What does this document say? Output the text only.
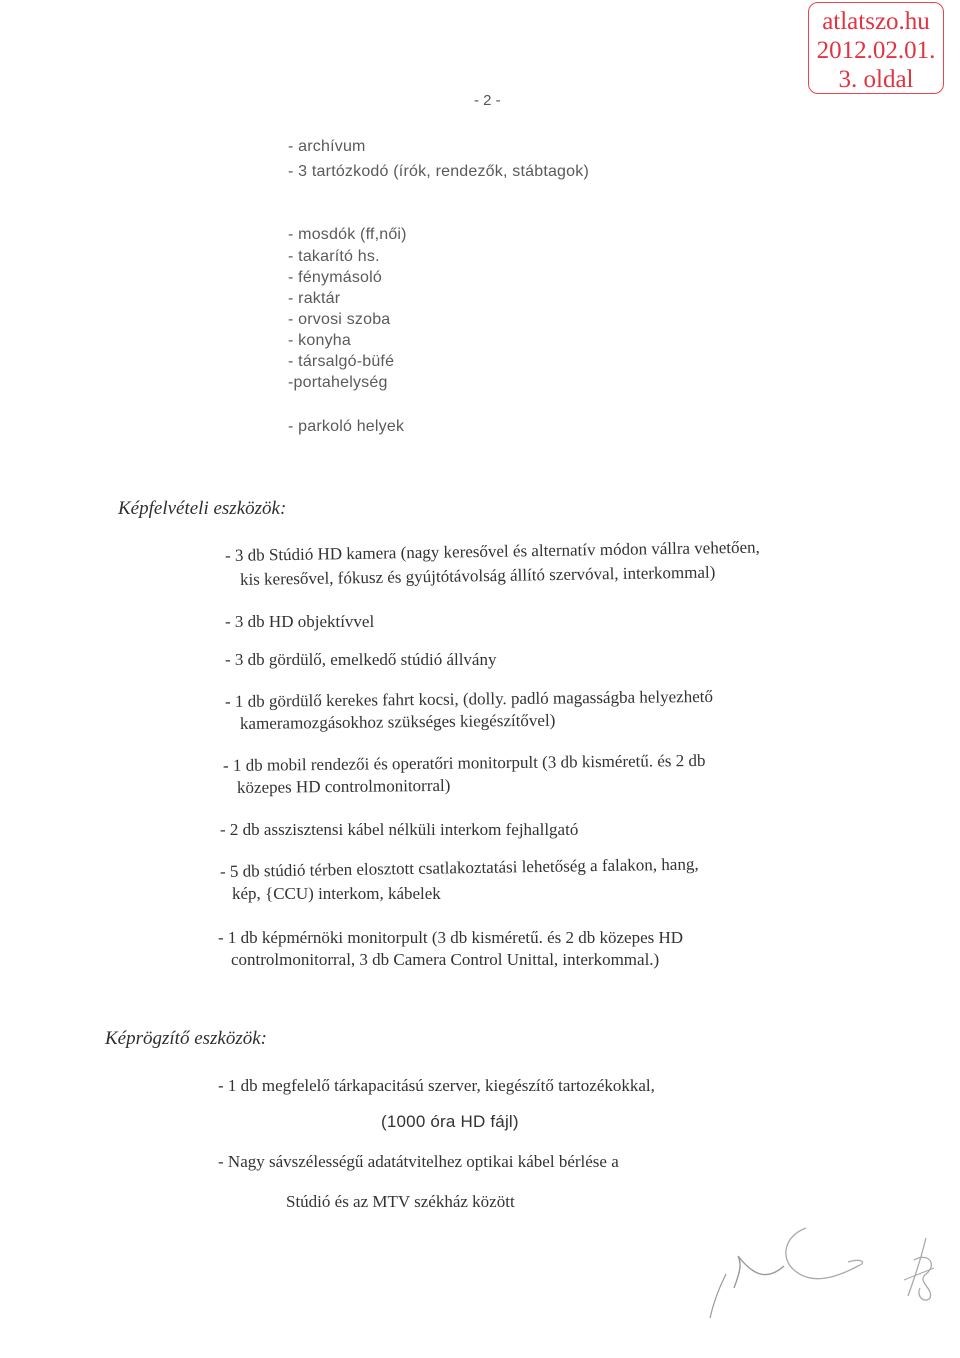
atlatszo.hu
2012.02.01.
3. oldal
- 2 -
- archívum
- 3 tartózkodó (írók, rendezők, stábtagok)
- mosdók (ff,női)
- takarító hs.
- fénymásoló
- raktár
- orvosi szoba
- konyha
- társalgó-büfé
-portahelység
- parkoló helyek
Képfelvételi eszközök:
- 3 db Stúdió HD kamera (nagy keresővel és alternatív módon vállra vehetően,
kis keresővel, fókusz és gyújtótávolság állító szervóval, interkommal)
- 3 db HD objektívvel
- 3 db gördülő, emelkedő stúdió állvány
- 1 db gördülő kerekes fahrt kocsi, (dolly. padló magasságba helyezhető
kameramozgásokhoz szükséges kiegészítővel)
- 1 db mobil rendezői és operatőri monitorpult (3 db kisméretű. és 2 db
közepes HD controlmonitorral)
- 2 db asszisztensi kábel nélküli interkom fejhallgató
- 5 db stúdió térben elosztott csatlakoztatási lehetőség a falakon, hang,
kép, {CCU) interkom, kábelek
- 1 db képmérnöki monitorpult (3 db kisméretű. és 2 db közepes HD
controlmonitorral, 3 db Camera Control Unittal, interkommal.)
Képrögzítő eszközök:
- 1 db megfelelő tárkapacitású szerver, kiegészítő tartozékokkal,
(1000 óra HD fájl)
- Nagy sávszélességű adatátvitelhez optikai kábel bérlése a
Stúdió és az MTV székház között
